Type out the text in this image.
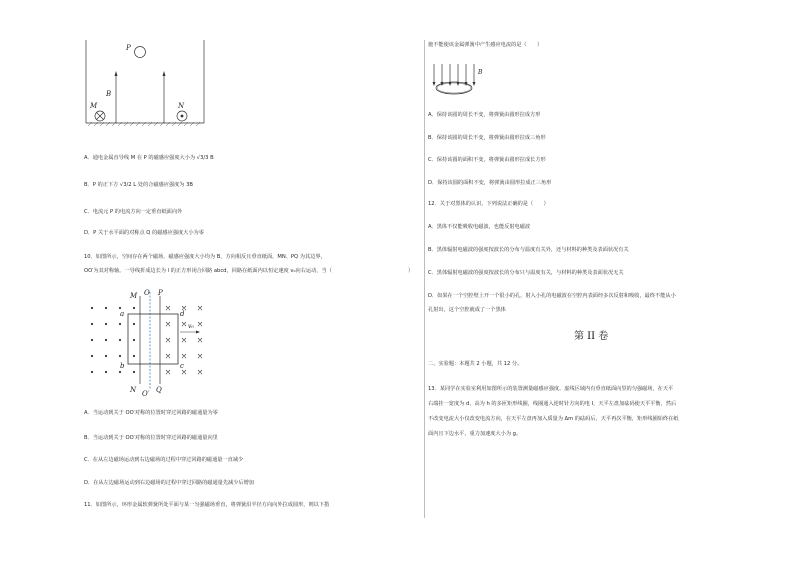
P
B
M	N
A．通电金属直导线 M 在 P 的磁感应强度大小为 √3/3 B
B．P 的正下方 √3/2 L 处的合磁感应强度为 3B
C．电流元 P 的电流方向一定垂直纸面向外
D．P 关于水平面的对称点 Q 的磁感应强度大小为零
10．如图所示，空间存在两个磁场，磁感应强度大小均为 B，方向相反且垂直纸面，MN、PQ 为其边界，
OO′为其对称轴。一导线折成边长为 l 的正方形闭合回路 abcd，回路在纸面内以恒定速度 v₀向右运动，当（	）
v₀
M O P
N O′ Q
a
b	c
d
A．当运动到关于 OO′对称的位置时穿过回路的磁通量为零
B．当运动到关于 OO′对称的位置时穿过回路的磁通量向里
C．在从左边磁场运动到右边磁场的过程中穿过回路的磁通量一直减少
D．在从左边磁场运动到右边磁场的过程中穿过回路的磁通量先减少后增加
11．如图所示，环形金属软弹簧所处平面与某一匀强磁场垂直，将弹簧沿半径方向向外拉成圆形，则以下措
施不能使该金属弹簧中产生感应电流的是（　　）
B
A．保持该圆的周长不变，将弹簧由圆形拉成方形
B．保持该圆的周长不变，将弹簧由圆形拉成三角形
C．保持该圆的面积不变，将弹簧由圆形拉成长方形
D．保持该圆的面积不变，将弹簧由圆形拉成正三角形
12．关于对黑体的认识，下列说法正确的是（　　）
A．黑体不仅能吸收电磁波，也能反射电磁波
B．黑体辐射电磁波的强度按波长的分布与温度有关外，还与材料的种类及表面状况有关
C．黑体辐射电磁波的强度按波长的分布只与温度有关，与材料的种类及表面状况无关
D．如果在一个空腔壁上开一个很小的孔，射入小孔的电磁波在空腔内表面经多次反射和吸收，最终不能从小
孔射出，这个空腔就成了一个黑体
第 II 卷
二、实验题：本题共 2 小题，共 12 分。
13．某同学在实验室利用如图所示的装置测量磁感应强度。虚线区域内有垂直纸面向里的匀强磁场，在天平
右端挂一宽度为 d、高为 h 的多匝矩形线圈，线圈通入逆时针方向的电 I，天平左盘加砝码使天平平衡，然后
不改变电流大小仅改变电流方向，在天平左盘再加入质量为 Δm 的砝码后，天平再次平衡，矩形线圈始终在纸
面内且下边水平，重力加速度大小为 g。
